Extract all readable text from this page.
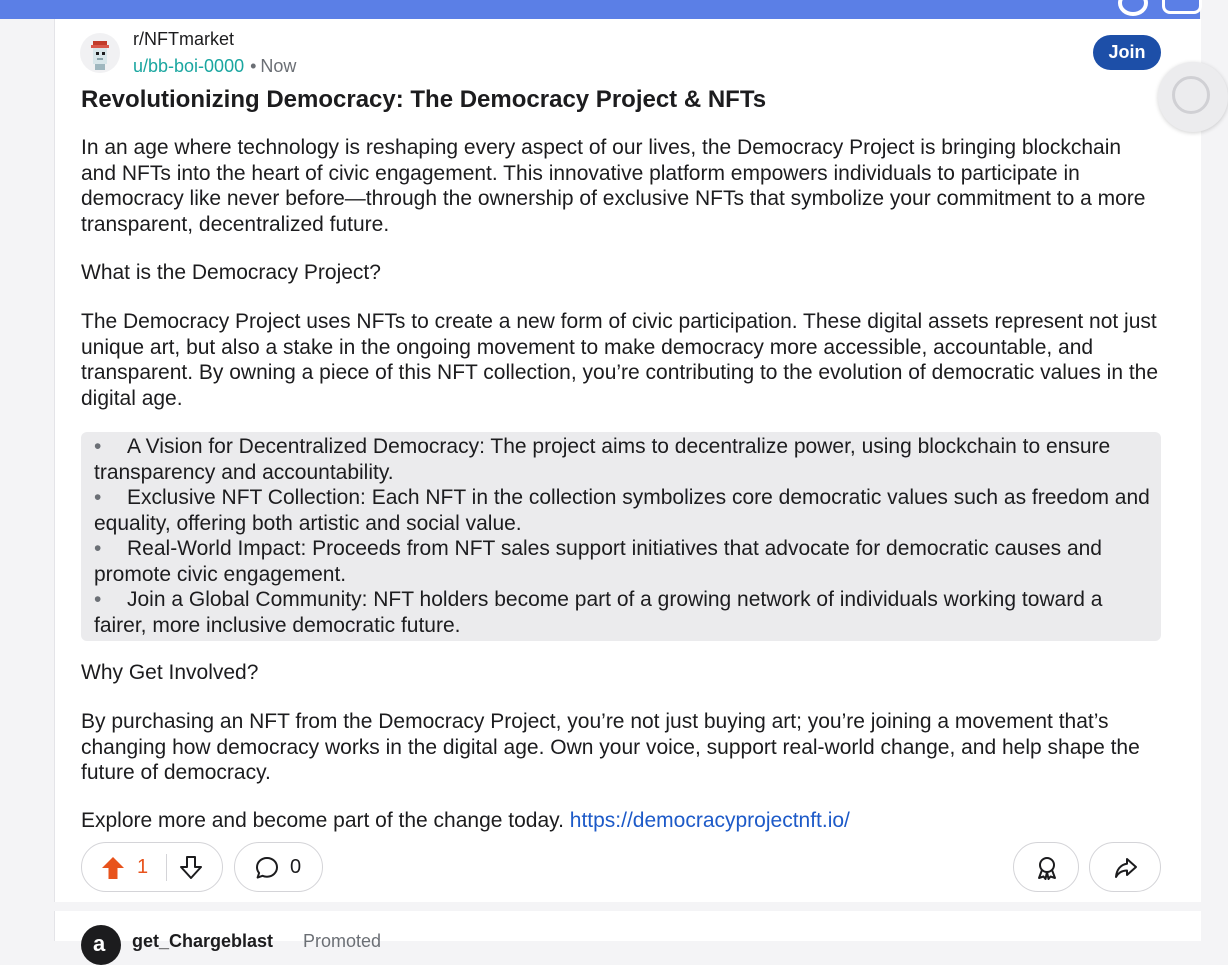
r/NFTmarket
u/bb-boi-0000 • Now
Join
Revolutionizing Democracy: The Democracy Project & NFTs

In an age where technology is reshaping every aspect of our lives, the Democracy Project is bringing blockchain and NFTs into the heart of civic engagement. This innovative platform empowers individuals to participate in democracy like never before—through the ownership of exclusive NFTs that symbolize your commitment to a more transparent, decentralized future.

What is the Democracy Project?

The Democracy Project uses NFTs to create a new form of civic participation. These digital assets represent not just unique art, but also a stake in the ongoing movement to make democracy more accessible, accountable, and transparent. By owning a piece of this NFT collection, you’re contributing to the evolution of democratic values in the digital age.

• A Vision for Decentralized Democracy: The project aims to decentralize power, using blockchain to ensure transparency and accountability.

• Exclusive NFT Collection: Each NFT in the collection symbolizes core democratic values such as freedom and equality, offering both artistic and social value.

• Real-World Impact: Proceeds from NFT sales support initiatives that advocate for democratic causes and promote civic engagement.

• Join a Global Community: NFT holders become part of a growing network of individuals working toward a fairer, more inclusive democratic future.

Why Get Involved?

By purchasing an NFT from the Democracy Project, you’re not just buying art; you’re joining a movement that’s changing how democracy works in the digital age. Own your voice, support real-world change, and help shape the future of democracy.

Explore more and become part of the change today. https://democracyprojectnft.io/

1	0
a get_Chargeblast Promoted
